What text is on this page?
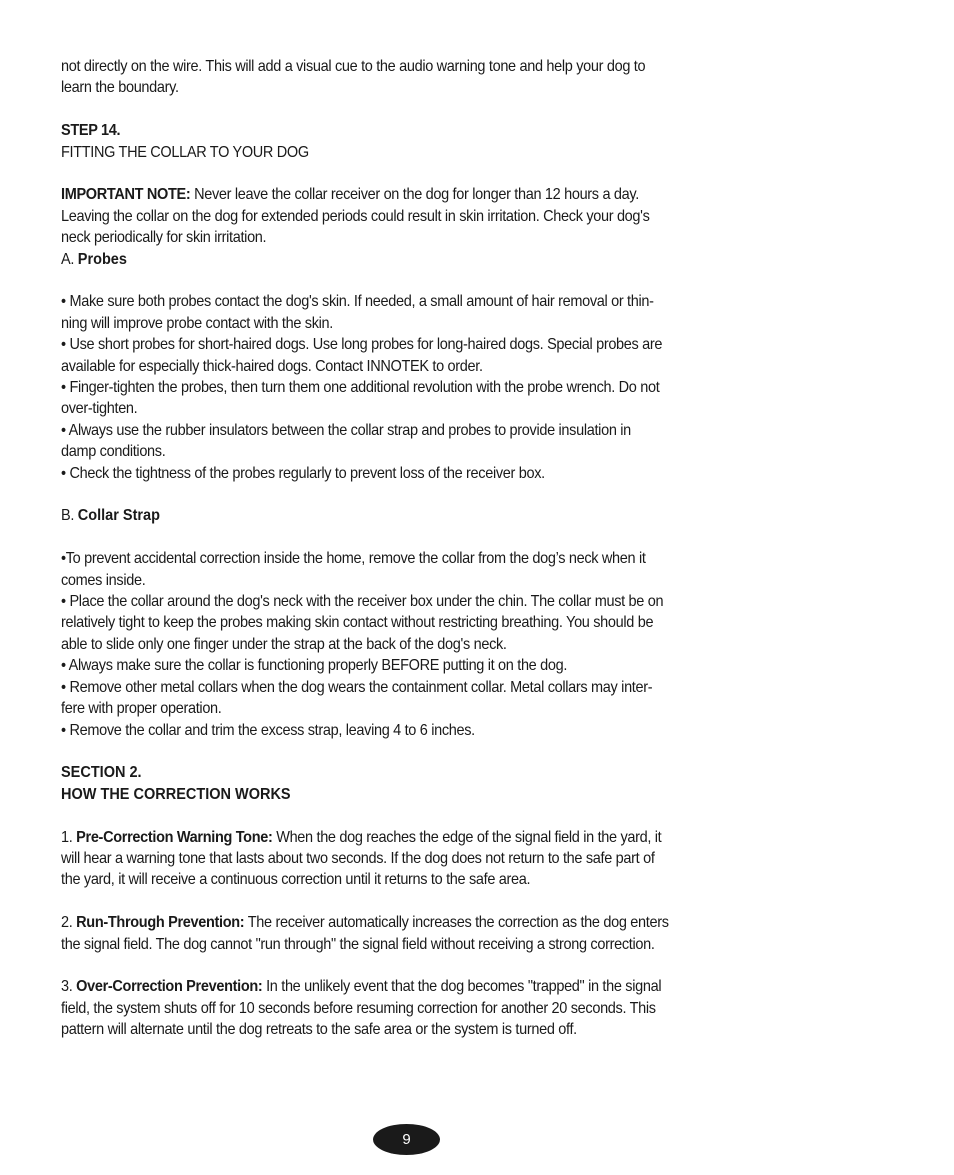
not directly on the wire. This will add a visual cue to the audio warning tone and help your dog to

learn the boundary.

STEP 14.

FITTING THE COLLAR TO YOUR DOG

IMPORTANT NOTE: Never leave the collar receiver on the dog for longer than 12 hours a day.

Leaving the collar on the dog for extended periods could result in skin irritation. Check your dog's

neck periodically for skin irritation.

A. Probes

• Make sure both probes contact the dog's skin. If needed, a small amount of hair removal or thin-

ning will improve probe contact with the skin.

• Use short probes for short-haired dogs. Use long probes for long-haired dogs. Special probes are

available for especially thick-haired dogs. Contact INNOTEK to order.

• Finger-tighten the probes, then turn them one additional revolution with the probe wrench. Do not

over-tighten.

• Always use the rubber insulators between the collar strap and probes to provide insulation in

damp conditions.

• Check the tightness of the probes regularly to prevent loss of the receiver box.

B. Collar Strap

•To prevent accidental correction inside the home, remove the collar from the dog’s neck when it

comes inside.

• Place the collar around the dog's neck with the receiver box under the chin. The collar must be on

relatively tight to keep the probes making skin contact without restricting breathing. You should be

able to slide only one finger under the strap at the back of the dog's neck.

• Always make sure the collar is functioning properly BEFORE putting it on the dog.

• Remove other metal collars when the dog wears the containment collar. Metal collars may inter-

fere with proper operation.

• Remove the collar and trim the excess strap, leaving 4 to 6 inches.

SECTION 2.

HOW THE CORRECTION WORKS

1. Pre-Correction Warning Tone: When the dog reaches the edge of the signal field in the yard, it

will hear a warning tone that lasts about two seconds. If the dog does not return to the safe part of

the yard, it will receive a continuous correction until it returns to the safe area.

2. Run-Through Prevention: The receiver automatically increases the correction as the dog enters

the signal field. The dog cannot "run through" the signal field without receiving a strong correction.

3. Over-Correction Prevention: In the unlikely event that the dog becomes "trapped" in the signal

field, the system shuts off for 10 seconds before resuming correction for another 20 seconds. This

pattern will alternate until the dog retreats to the safe area or the system is turned off.

9
